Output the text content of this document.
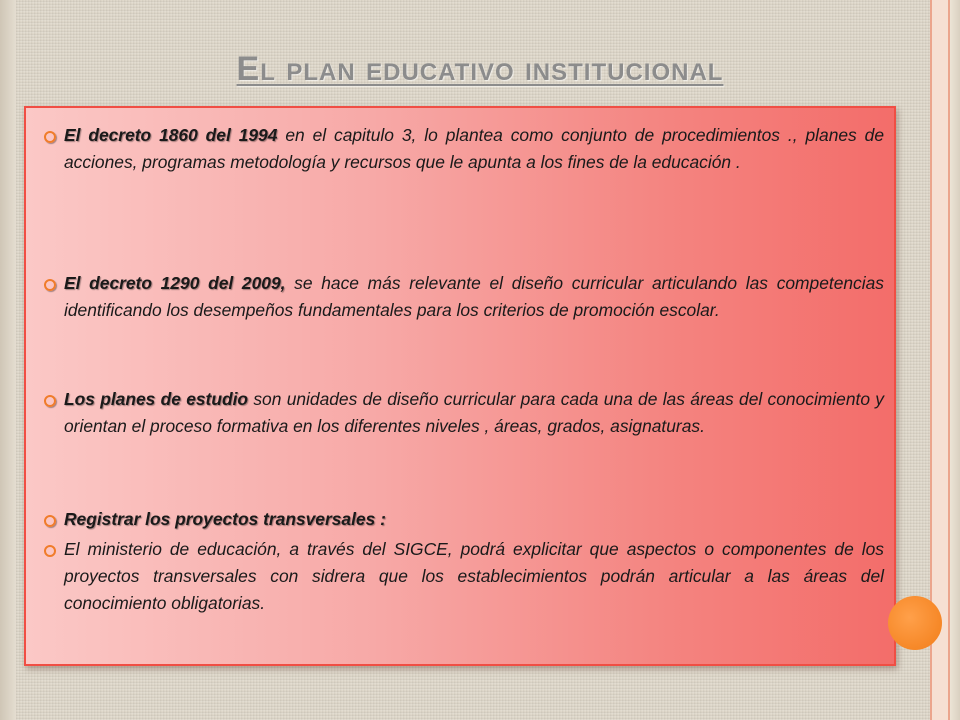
El plan educativo institucional

El decreto 1860 del 1994 en el capitulo 3, lo plantea como conjunto de procedimientos ., planes de acciones, programas metodología y recursos que le apunta a los fines de la educación .

El decreto 1290 del 2009, se hace más relevante el diseño curricular articulando las competencias identificando los desempeños fundamentales para los criterios de promoción escolar.

Los planes de estudio son unidades de diseño curricular para cada una de las áreas del conocimiento y orientan el proceso formativa en los diferentes niveles , áreas, grados, asignaturas.

Registrar los proyectos transversales :

El ministerio de educación, a través del SIGCE, podrá explicitar que aspectos o componentes de los proyectos transversales con sidrera que los establecimientos podrán articular a las áreas del conocimiento obligatorias.
